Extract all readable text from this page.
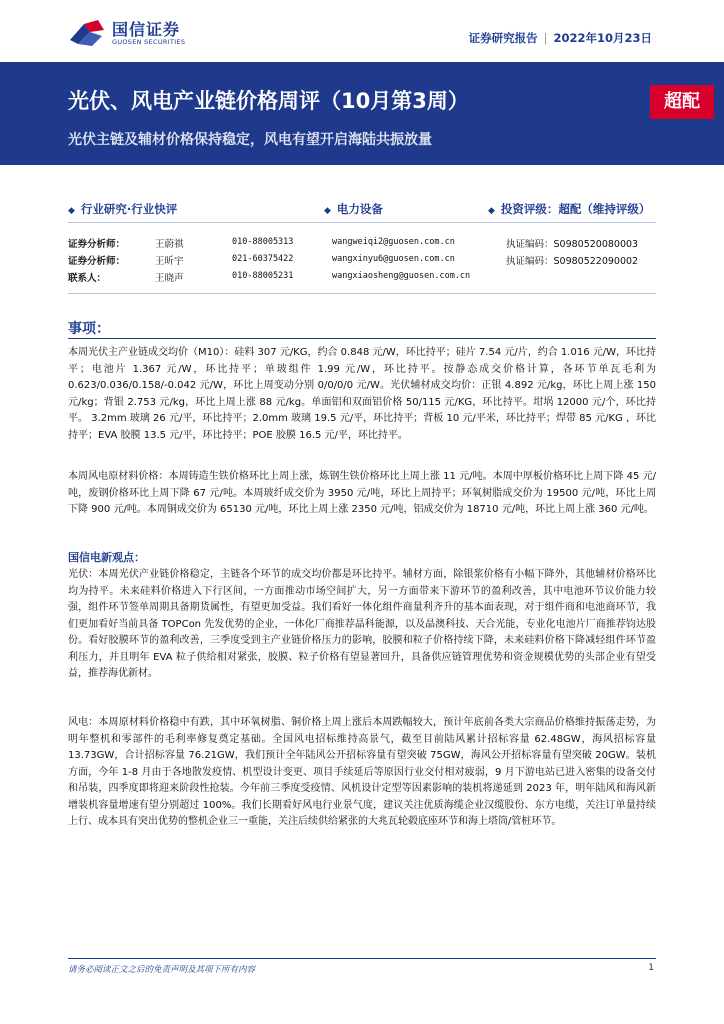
国信证券
GUOSEN SECURITIES	证券研究报告 | 2022年10月23日
光伏、风电产业链价格周评（10月第3周）
光伏主链及辅材价格保持稳定，风电有望开启海陆共振放量
超配
◆ 行业研究·行业快评	◆ 电力设备	◆ 投资评级：超配（维持评级）
证券分析师：	王蔚祺	010-88005313	wangweiqi2@guosen.com.cn	执证编码：S0980520080003
证券分析师：	王昕宇	021-60375422	wangxinyu6@guosen.com.cn	执证编码：S0980522090002
联系人：	王晓声	010-88005231	wangxiaosheng@guosen.com.cn
事项：
本周光伏主产业链成交均价（M10）：硅料 307 元/KG，约合 0.848 元/W，环比持平；硅片 7.54 元/片，约合 1.016 元/W，环比持平；电池片 1.367 元/W，环比持平；单玻组件 1.99 元/W，环比持平。按静态成交价格计算，各环节单瓦毛利为 0.623/0.036/0.158/-0.042 元/W，环比上周变动分别 0/0/0/0 元/W。光伏辅材成交均价：正银 4.892 元/kg，环比上周上涨 150 元/kg；背银 2.753 元/kg，环比上周上涨 88 元/kg。单面铝和双面铝价格 50/115 元/KG，环比持平。坩埚 12000 元/个，环比持平。 3.2mm 玻璃 26 元/平，环比持平；2.0mm 玻璃 19.5 元/平，环比持平；背板 10 元/平米，环比持平；焊带 85 元/KG ，环比持平；EVA 胶膜 13.5 元/平，环比持平；POE 胶膜 16.5 元/平，环比持平。
本周风电原材料价格：本周铸造生铁价格环比上周上涨，炼钢生铁价格环比上周上涨 11 元/吨。本周中厚板价格环比上周下降 45 元/吨，废钢价格环比上周下降 67 元/吨。本周玻纤成交价为 3950 元/吨，环比上周持平；环氧树脂成交价为 19500 元/吨，环比上周下降 900 元/吨。本周铜成交价为 65130 元/吨，环比上周上涨 2350 元/吨，铝成交价为 18710 元/吨，环比上周上涨 360 元/吨。
国信电新观点：
光伏：本周光伏产业链价格稳定，主链各个环节的成交均价都是环比持平。辅材方面，除银浆价格有小幅下降外，其他辅材价格环比均为持平。未来硅料价格进入下行区间，一方面推动市场空间扩大，另一方面带来下游环节的盈利改善，其中电池环节议价能力较强，组件环节签单周期具备期货属性，有望更加受益。我们看好一体化组件商量利齐升的基本面表现，对于组件商和电池商环节，我们更加看好当前具备 TOPCon 先发优势的企业，一体化厂商推荐晶科能源，以及晶澳科技、天合光能，专业化电池片厂商推荐钧达股份。看好胶膜环节的盈利改善，三季度受到主产业链价格压力的影响，胶膜和粒子价格持续下降，未来硅料价格下降减轻组件环节盈利压力，并且明年 EVA 粒子供给相对紧张，胶膜、粒子价格有望显著回升，具备供应链管理优势和资金规模优势的头部企业有望受益，推荐海优新材。
风电：本周原材料价格稳中有跌，其中环氧树脂、铜价格上周上涨后本周跌幅较大，预计年底前各类大宗商品价格维持振荡走势，为明年整机和零部件的毛利率修复奠定基础。全国风电招标维持高景气，截至目前陆风累计招标容量 62.48GW，海风招标容量 13.73GW，合计招标容量 76.21GW，我们预计全年陆风公开招标容量有望突破 75GW，海风公开招标容量有望突破 20GW。装机方面，今年 1-8 月由于各地散发疫情、机型设计变更、项目手续延后等原因行业交付相对疲弱，9 月下游电站已进入密集的设备交付和吊装，四季度即将迎来阶段性抢装。今年前三季度受疫情、风机设计定型等因素影响的装机将递延到 2023 年，明年陆风和海风新增装机容量增速有望分别超过 100%。我们长期看好风电行业景气度，建议关注优质海缆企业汉缆股份、东方电缆，关注订单量持续上行、成本具有突出优势的整机企业三一重能，关注后续供给紧张的大兆瓦轮毂底座环节和海上塔筒/管桩环节。
请务必阅读正文之后的免责声明及其项下所有内容	1
